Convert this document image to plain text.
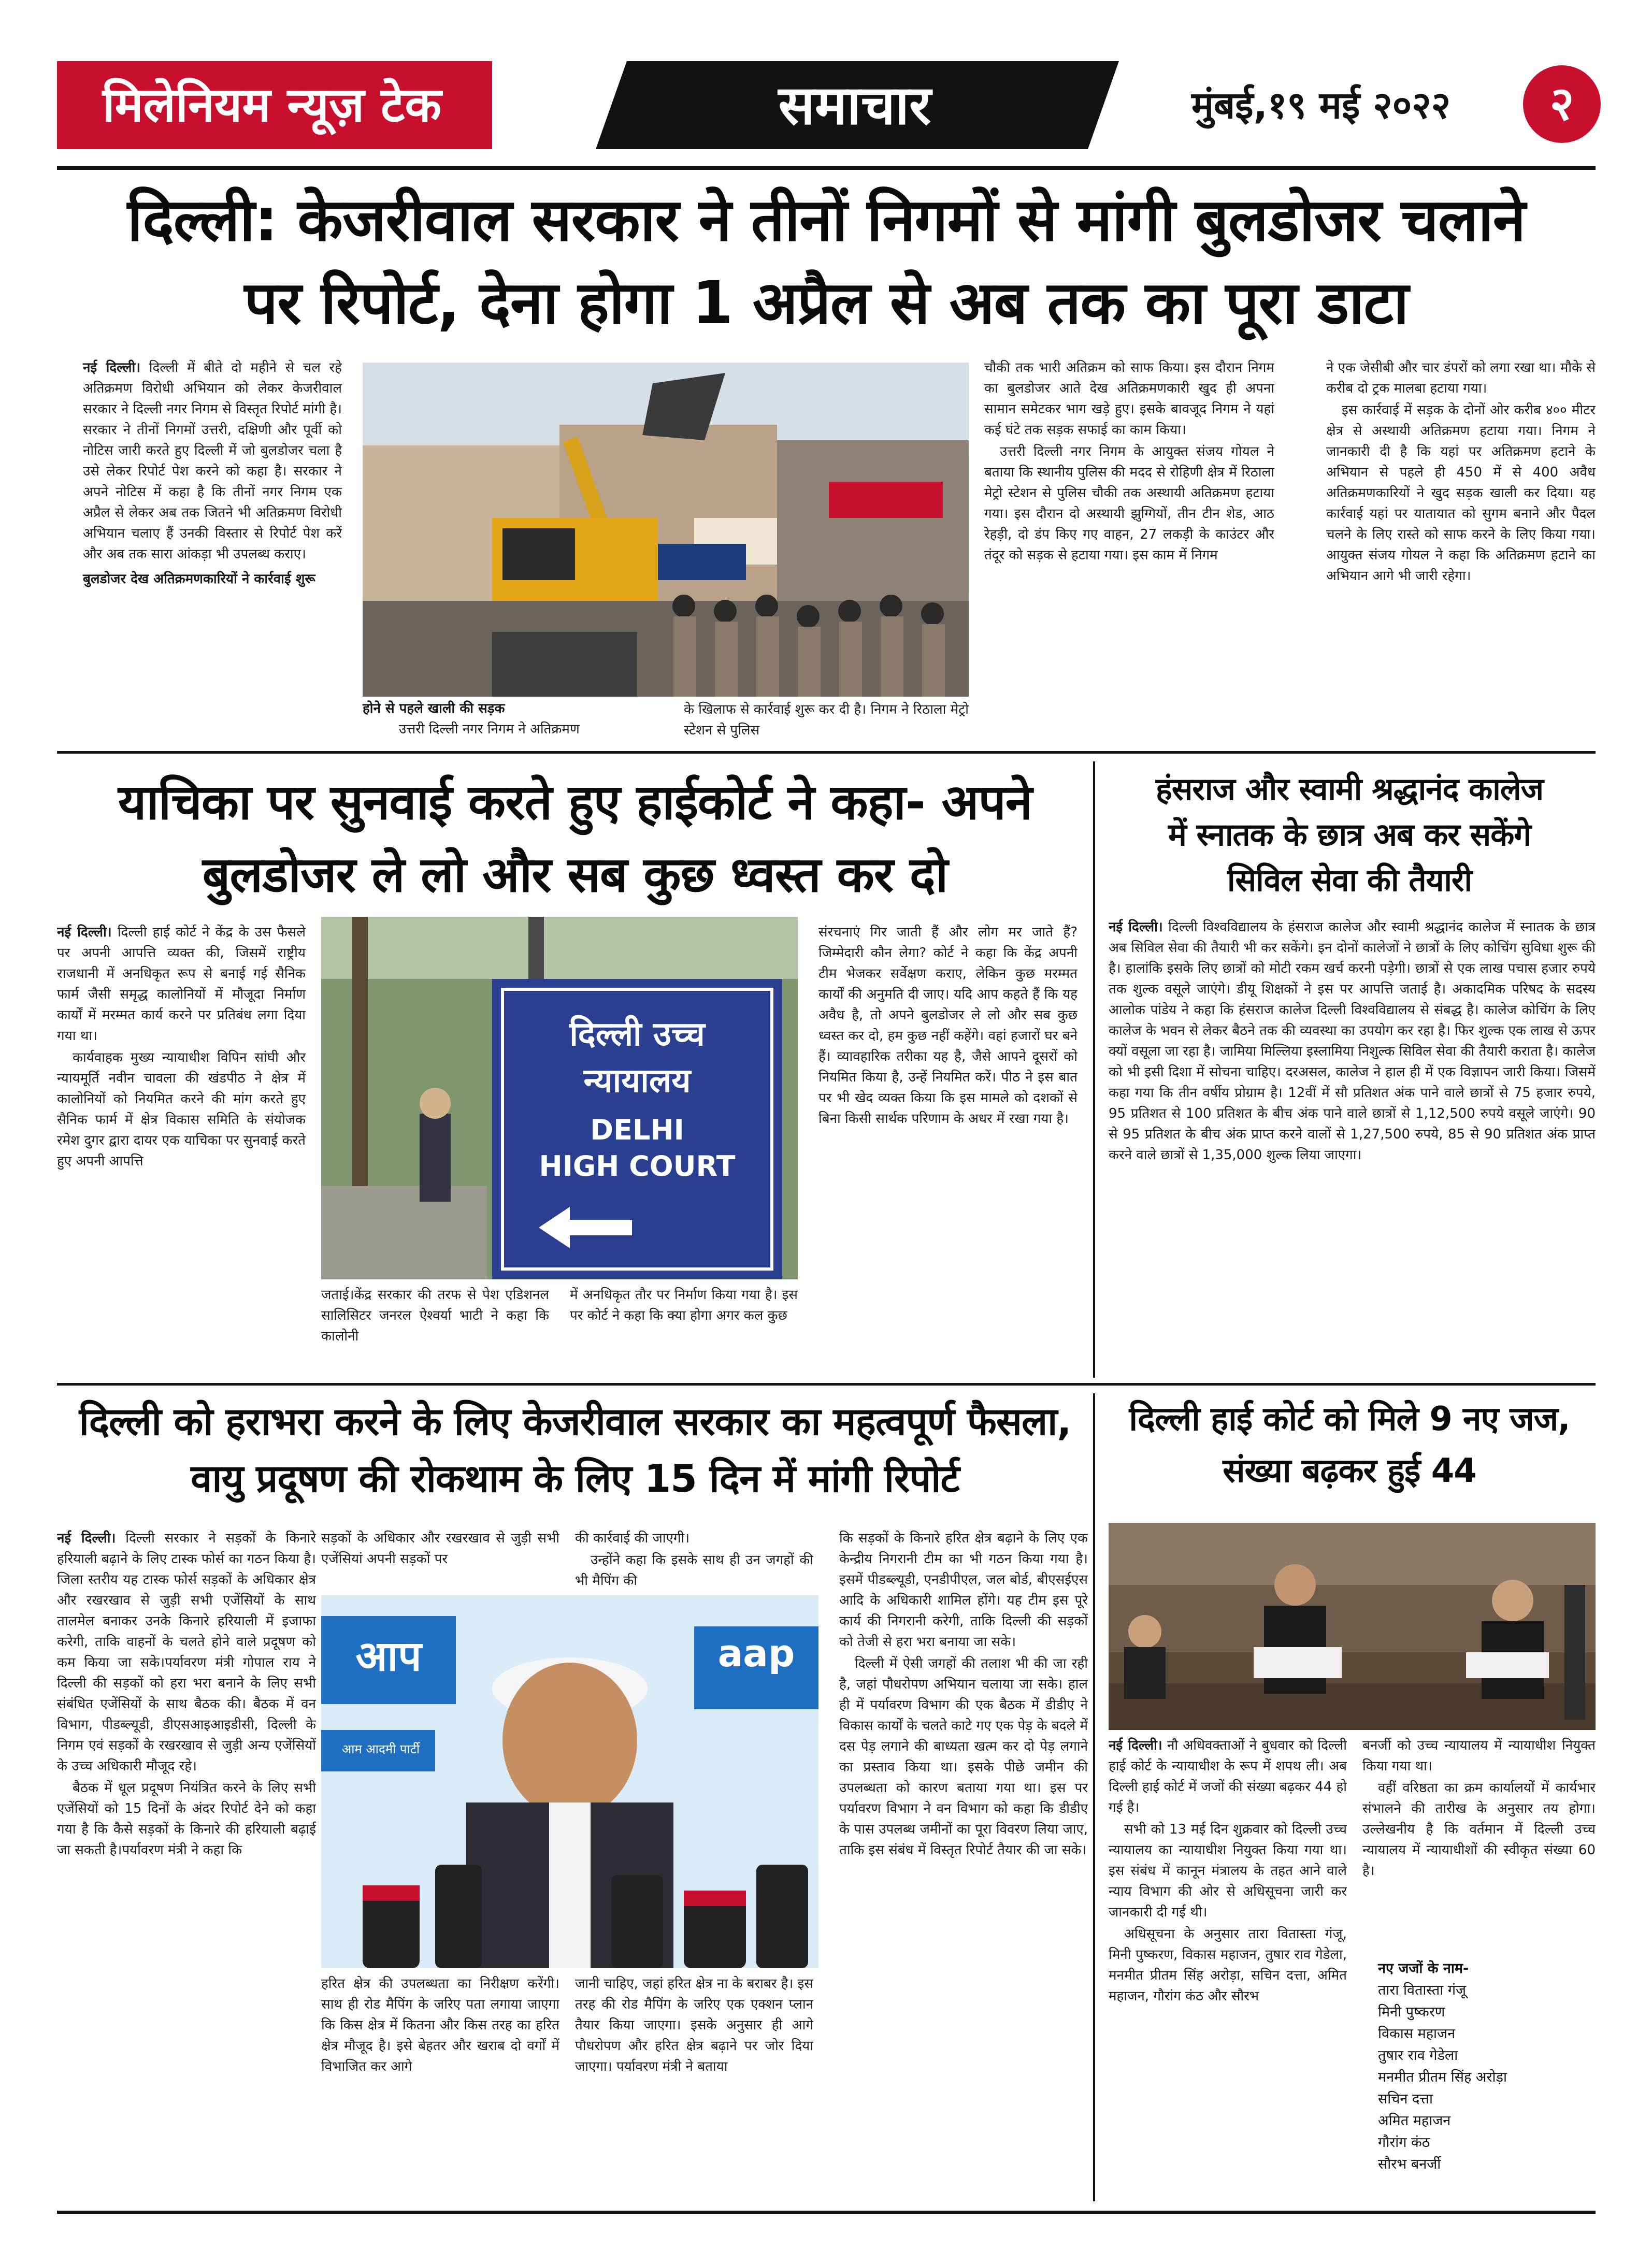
मिलेनियम न्यूज़ टेक	समाचार	मुंबई,१९ मई २०२२	२
दिल्ली: केजरीवाल सरकार ने तीनों निगमों से मांगी बुलडोजर चलाने
पर रिपोर्ट, देना होगा 1 अप्रैल से अब तक का पूरा डाटा

नई दिल्ली। दिल्ली में बीते दो महीने से चल रहे अतिक्रमण विरोधी अभियान को लेकर केजरीवाल सरकार ने दिल्ली नगर निगम से विस्तृत रिपोर्ट मांगी है। सरकार ने तीनों निगमों उत्तरी, दक्षिणी और पूर्वी को नोटिस जारी करते हुए दिल्ली में जो बुलडोजर चला है उसे लेकर रिपोर्ट पेश करने को कहा है। सरकार ने अपने नोटिस में कहा है कि तीनों नगर निगम एक अप्रैल से लेकर अब तक जितने भी अतिक्रमण विरोधी अभियान चलाए हैं उनकी विस्तार से रिपोर्ट पेश करें और अब तक सारा आंकड़ा भी उपलब्ध कराए।

बुलडोजर देख अतिक्रमणकारियों ने कार्रवाई शुरू

होने से पहले खाली की सड़क
उत्तरी दिल्ली नगर निगम ने अतिक्रमण
के खिलाफ से कार्रवाई शुरू कर दी है। निगम ने रिठाला मेट्रो स्टेशन से पुलिस

चौकी तक भारी अतिक्रम को साफ किया। इस दौरान निगम का बुलडोजर आते देख अतिक्रमणकारी खुद ही अपना सामान समेटकर भाग खड़े हुए। इसके बावजूद निगम ने यहां कई घंटे तक सड़क सफाई का काम किया।

उत्तरी दिल्ली नगर निगम के आयुक्त संजय गोयल ने बताया कि स्थानीय पुलिस की मदद से रोहिणी क्षेत्र में रिठाला मेट्रो स्टेशन से पुलिस चौकी तक अस्थायी अतिक्रमण हटाया गया। इस दौरान दो अस्थायी झुग्गियों, तीन टीन शेड, आठ रेहड़ी, दो डंप किए गए वाहन, 27 लकड़ी के काउंटर और तंदूर को सड़क से हटाया गया। इस काम में निगम

ने एक जेसीबी और चार डंपरों को लगा रखा था। मौके से करीब दो ट्रक मालबा हटाया गया।

इस कार्रवाई में सड़क के दोनों ओर करीब ४०० मीटर क्षेत्र से अस्थायी अतिक्रमण हटाया गया। निगम ने जानकारी दी है कि यहां पर अतिक्रमण हटाने के अभियान से पहले ही 450 में से 400 अवैध अतिक्रमणकारियों ने खुद सड़क खाली कर दिया। यह कार्रवाई यहां पर यातायात को सुगम बनाने और पैदल चलने के लिए रास्ते को साफ करने के लिए किया गया। आयुक्त संजय गोयल ने कहा कि अतिक्रमण हटाने का अभियान आगे भी जारी रहेगा।

याचिका पर सुनवाई करते हुए हाईकोर्ट ने कहा- अपने
बुलडोजर ले लो और सब कुछ ध्वस्त कर दो

नई दिल्ली। दिल्ली हाई कोर्ट ने केंद्र के उस फैसले पर अपनी आपत्ति व्यक्त की, जिसमें राष्ट्रीय राजधानी में अनधिकृत रूप से बनाई गई सैनिक फार्म जैसी समृद्ध कालोनियों में मौजूदा निर्माण कार्यों में मरम्मत कार्य करने पर प्रतिबंध लगा दिया गया था।

कार्यवाहक मुख्य न्यायाधीश विपिन सांघी और न्यायमूर्ति नवीन चावला की खंडपीठ ने क्षेत्र में कालोनियों को नियमित करने की मांग करते हुए सैनिक फार्म में क्षेत्र विकास समिति के संयोजक रमेश दुगर द्वारा दायर एक याचिका पर सुनवाई करते हुए अपनी आपत्ति

दिल्ली उच्च
न्यायालय
DELHI
HIGH COURT
जताई।केंद्र सरकार की तरफ से पेश एडिशनल सालिसिटर जनरल ऐश्वर्या भाटी ने कहा कि कालोनी
में अनधिकृत तौर पर निर्माण किया गया है। इस पर कोर्ट ने कहा कि क्या होगा अगर कल कुछ

संरचनाएं गिर जाती हैं और लोग मर जाते हैं? जिम्मेदारी कौन लेगा? कोर्ट ने कहा कि केंद्र अपनी टीम भेजकर सर्वेक्षण कराए, लेकिन कुछ मरम्मत कार्यों की अनुमति दी जाए। यदि आप कहते हैं कि यह अवैध है, तो अपने बुलडोजर ले लो और सब कुछ ध्वस्त कर दो, हम कुछ नहीं कहेंगे। वहां हजारों घर बने हैं। व्यावहारिक तरीका यह है, जैसे आपने दूसरों को नियमित किया है, उन्हें नियमित करें। पीठ ने इस बात पर भी खेद व्यक्त किया कि इस मामले को दशकों से बिना किसी सार्थक परिणाम के अधर में रखा गया है।

हंसराज और स्वामी श्रद्धानंद कालेज
में स्नातक के छात्र अब कर सकेंगे
सिविल सेवा की तैयारी

नई दिल्ली। दिल्ली विश्वविद्यालय के हंसराज कालेज और स्वामी श्रद्धानंद कालेज में स्नातक के छात्र अब सिविल सेवा की तैयारी भी कर सकेंगे। इन दोनों कालेजों ने छात्रों के लिए कोचिंग सुविधा शुरू की है। हालांकि इसके लिए छात्रों को मोटी रकम खर्च करनी पड़ेगी। छात्रों से एक लाख पचास हजार रुपये तक शुल्क वसूले जाएंगे। डीयू शिक्षकों ने इस पर आपत्ति जताई है। अकादमिक परिषद के सदस्य आलोक पांडेय ने कहा कि हंसराज कालेज दिल्ली विश्वविद्यालय से संबद्ध है। कालेज कोचिंग के लिए कालेज के भवन से लेकर बैठने तक की व्यवस्था का उपयोग कर रहा है। फिर शुल्क एक लाख से ऊपर क्यों वसूला जा रहा है। जामिया मिल्लिया इस्लामिया निशुल्क सिविल सेवा की तैयारी कराता है। कालेज को भी इसी दिशा में सोचना चाहिए। दरअसल, कालेज ने हाल ही में एक विज्ञापन जारी किया। जिसमें कहा गया कि तीन वर्षीय प्रोग्राम है। 12वीं में सौ प्रतिशत अंक पाने वाले छात्रों से 75 हजार रुपये, 95 प्रतिशत से 100 प्रतिशत के बीच अंक पाने वाले छात्रों से 1,12,500 रुपये वसूले जाएंगे। 90 से 95 प्रतिशत के बीच अंक प्राप्त करने वालों से 1,27,500 रुपये, 85 से 90 प्रतिशत अंक प्राप्त करने वाले छात्रों से 1,35,000 शुल्क लिया जाएगा।

दिल्ली को हराभरा करने के लिए केजरीवाल सरकार का महत्वपूर्ण फैसला,
वायु प्रदूषण की रोकथाम के लिए 15 दिन में मांगी रिपोर्ट

नई दिल्ली। दिल्ली सरकार ने सड़कों के किनारे हरियाली बढ़ाने के लिए टास्क फोर्स का गठन किया है। जिला स्तरीय यह टास्क फोर्स सड़कों के अधिकार क्षेत्र और रखरखाव से जुड़ी सभी एजेंसियों के साथ तालमेल बनाकर उनके किनारे हरियाली में इजाफा करेगी, ताकि वाहनों के चलते होने वाले प्रदूषण को कम किया जा सके।पर्यावरण मंत्री गोपाल राय ने दिल्ली की सड़कों को हरा भरा बनाने के लिए सभी संबंधित एजेंसियों के साथ बैठक की। बैठक में वन विभाग, पीडब्ल्यूडी, डीएसआइआइडीसी, दिल्ली के निगम एवं सड़कों के रखरखाव से जुड़ी अन्य एजेंसियों के उच्च अधिकारी मौजूद रहे।

बैठक में धूल प्रदूषण नियंत्रित करने के लिए सभी एजेंसियों को 15 दिनों के अंदर रिपोर्ट देने को कहा गया है कि कैसे सड़कों के किनारे की हरियाली बढ़ाई जा सकती है।पर्यावरण मंत्री ने कहा कि

सड़कों के अधिकार और रखरखाव से जुड़ी सभी एजेंसियां अपनी सड़कों पर

की कार्रवाई की जाएगी।

उन्होंने कहा कि इसके साथ ही उन जगहों की भी मैपिंग की

आप	aap
आम आदमी पार्टी
हरित क्षेत्र की उपलब्धता का निरीक्षण करेंगी। साथ ही रोड मैपिंग के जरिए पता लगाया जाएगा कि किस क्षेत्र में कितना और किस तरह का हरित क्षेत्र मौजूद है। इसे बेहतर और खराब दो वर्गों में विभाजित कर आगे
जानी चाहिए, जहां हरित क्षेत्र ना के बराबर है। इस तरह की रोड मैपिंग के जरिए एक एक्शन प्लान तैयार किया जाएगा। इसके अनुसार ही आगे पौधरोपण और हरित क्षेत्र बढ़ाने पर जोर दिया जाएगा। पर्यावरण मंत्री ने बताया

कि सड़कों के किनारे हरित क्षेत्र बढ़ाने के लिए एक केन्द्रीय निगरानी टीम का भी गठन किया गया है। इसमें पीडब्ल्यूडी, एनडीपीएल, जल बोर्ड, बीएसईएस आदि के अधिकारी शामिल होंगे। यह टीम इस पूरे कार्य की निगरानी करेगी, ताकि दिल्ली की सड़कों को तेजी से हरा भरा बनाया जा सके।

दिल्ली में ऐसी जगहों की तलाश भी की जा रही है, जहां पौधरोपण अभियान चलाया जा सके। हाल ही में पर्यावरण विभाग की एक बैठक में डीडीए ने विकास कार्यों के चलते काटे गए एक पेड़ के बदले में दस पेड़ लगाने की बाध्यता खत्म कर दो पेड़ लगाने का प्रस्ताव किया था। इसके पीछे जमीन की उपलब्धता को कारण बताया गया था। इस पर पर्यावरण विभाग ने वन विभाग को कहा कि डीडीए के पास उपलब्ध जमीनों का पूरा विवरण लिया जाए, ताकि इस संबंध में विस्तृत रिपोर्ट तैयार की जा सके।

दिल्ली हाई कोर्ट को मिले 9 नए जज,
संख्या बढ़कर हुई 44

नई दिल्ली। नौ अधिवक्ताओं ने बुधवार को दिल्ली हाई कोर्ट के न्यायाधीश के रूप में शपथ ली। अब दिल्ली हाई कोर्ट में जजों की संख्या बढ़कर 44 हो गई है।

सभी को 13 मई दिन शुक्रवार को दिल्ली उच्च न्यायालय का न्यायाधीश नियुक्त किया गया था। इस संबंध में कानून मंत्रालय के तहत आने वाले न्याय विभाग की ओर से अधिसूचना जारी कर जानकारी दी गई थी।

अधिसूचना के अनुसार तारा वितास्ता गंजू, मिनी पुष्करण, विकास महाजन, तुषार राव गेडेला, मनमीत प्रीतम सिंह अरोड़ा, सचिन दत्ता, अमित महाजन, गौरांग कंठ और सौरभ

बनर्जी को उच्च न्यायालय में न्यायाधीश नियुक्त किया गया था।

वहीं वरिष्ठता का क्रम कार्यालयों में कार्यभार संभालने की तारीख के अनुसार तय होगा। उल्लेखनीय है कि वर्तमान में दिल्ली उच्च न्यायालय में न्यायाधीशों की स्वीकृत संख्या 60 है।

नए जजों के नाम-
तारा वितास्ता गंजू
मिनी पुष्करण
विकास महाजन
तुषार राव गेडेला
मनमीत प्रीतम सिंह अरोड़ा
सचिन दत्ता
अमित महाजन
गौरांग कंठ
सौरभ बनर्जी
